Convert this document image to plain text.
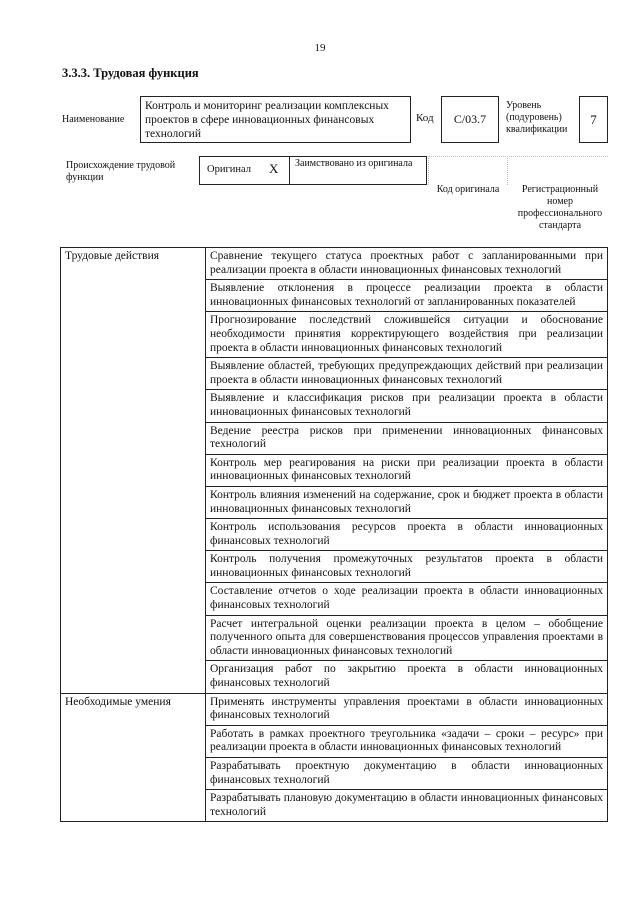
19
3.3.3. Трудовая функция
Наименование
Контроль и мониторинг реализации комплексных проектов в сфере инновационных финансовых технологий
Код	С/03.7
Уровень (подуровень) квалификации
7
Происхождение трудовой функции
Оригинал X Заимствовано из оригинала
Код оригинала	Регистрационный номер профессионального стандарта
Трудовые действия	Сравнение текущего статуса проектных работ с запланированными при реализации проекта в области инновационных финансовых технологий
	Выявление отклонения в процессе реализации проекта в области инновационных финансовых технологий от запланированных показателей
	Прогнозирование последствий сложившейся ситуации и обоснование необходимости принятия корректирующего воздействия при реализации проекта в области инновационных финансовых технологий
	Выявление областей, требующих предупреждающих действий при реализации проекта в области инновационных финансовых технологий
	Выявление и классификация рисков при реализации проекта в области инновационных финансовых технологий
	Ведение реестра рисков при применении инновационных финансовых технологий
	Контроль мер реагирования на риски при реализации проекта в области инновационных финансовых технологий
	Контроль влияния изменений на содержание, срок и бюджет проекта в области инновационных финансовых технологий
	Контроль использования ресурсов проекта в области инновационных финансовых технологий
	Контроль получения промежуточных результатов проекта в области инновационных финансовых технологий
	Составление отчетов о ходе реализации проекта в области инновационных финансовых технологий
	Расчет интегральной оценки реализации проекта в целом – обобщение полученного опыта для совершенствования процессов управления проектами в области инновационных финансовых технологий
	Организация работ по закрытию проекта в области инновационных финансовых технологий
Необходимые умения	Применять инструменты управления проектами в области инновационных финансовых технологий
	Работать в рамках проектного треугольника «задачи – сроки – ресурс» при реализации проекта в области инновационных финансовых технологий
	Разрабатывать проектную документацию в области инновационных финансовых технологий
	Разрабатывать плановую документацию в области инновационных финансовых технологий
